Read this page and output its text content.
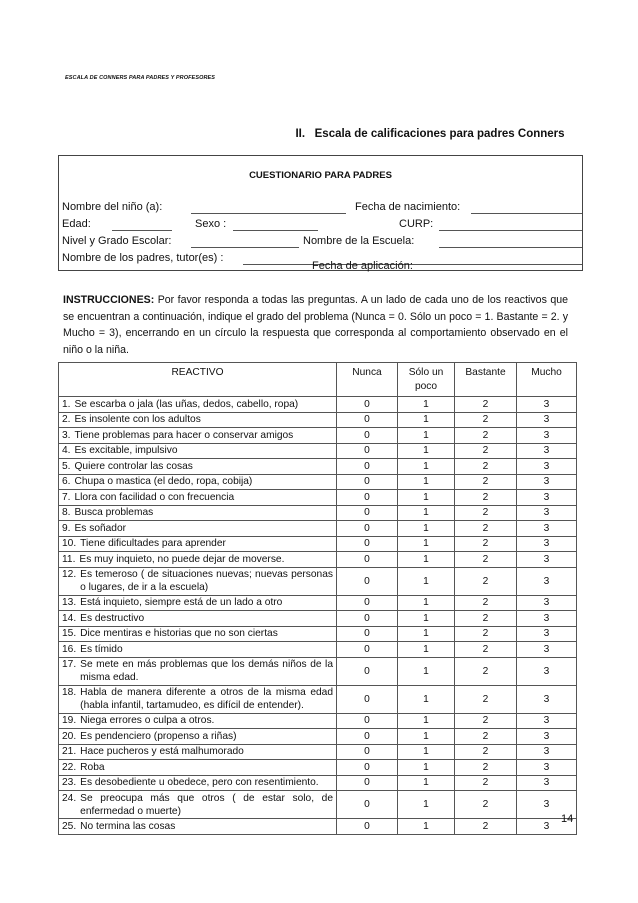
ESCALA DE CONNERS PARA PADRES Y PROFESORES
II. Escala de calificaciones para padres Conners
CUESTIONARIO PARA PADRES
Nombre del niño (a):	Fecha de nacimiento:
Edad:	Sexo :	CURP:
Nivel y Grado Escolar:	Nombre de la Escuela:
Nombre de los padres, tutor(es) :
Fecha de aplicación:
INSTRUCCIONES: Por favor responda a todas las preguntas. A un lado de cada uno de los reactivos que se encuentran a continuación, indique el grado del problema (Nunca = 0. Sólo un poco = 1. Bastante = 2. y Mucho = 3), encerrando en un círculo la respuesta que corresponda al comportamiento observado en el niño o la niña.
REACTIVO	Nunca	Sólo un poco	Bastante	Mucho

1. Se escarba o jala (las uñas, dedos, cabello, ropa)	0	1	2	3

2. Es insolente con los adultos	0	1	2	3

3. Tiene problemas para hacer o conservar amigos	0	1	2	3

4. Es excitable, impulsivo	0	1	2	3

5. Quiere controlar las cosas	0	1	2	3

6. Chupa o mastica (el dedo, ropa, cobija)	0	1	2	3

7. Llora con facilidad o con frecuencia	0	1	2	3

8. Busca problemas	0	1	2	3

9. Es soñador	0	1	2	3

10. Tiene dificultades para aprender	0	1	2	3

11. Es muy inquieto, no puede dejar de moverse.	0	1	2	3

12. Es temeroso ( de situaciones nuevas; nuevas personas o lugares, de ir a la escuela)	0	1	2	3

13. Está inquieto, siempre está de un lado a otro	0	1	2	3

14. Es destructivo	0	1	2	3

15. Dice mentiras e historias que no son ciertas	0	1	2	3

16. Es tímido	0	1	2	3

17. Se mete en más problemas que los demás niños de la misma edad.	0	1	2	3

18. Habla de manera diferente a otros de la misma edad (habla infantil, tartamudeo, es difícil de entender).	0	1	2	3

19. Niega errores o culpa a otros.	0	1	2	3

20. Es pendenciero (propenso a riñas)	0	1	2	3

21. Hace pucheros y está malhumorado	0	1	2	3

22. Roba	0	1	2	3

23. Es desobediente u obedece, pero con resentimiento.	0	1	2	3

24. Se preocupa más que otros ( de estar solo, de enfermedad o muerte)	0	1	2	3

25. No termina las cosas	0	1	2	3
14
